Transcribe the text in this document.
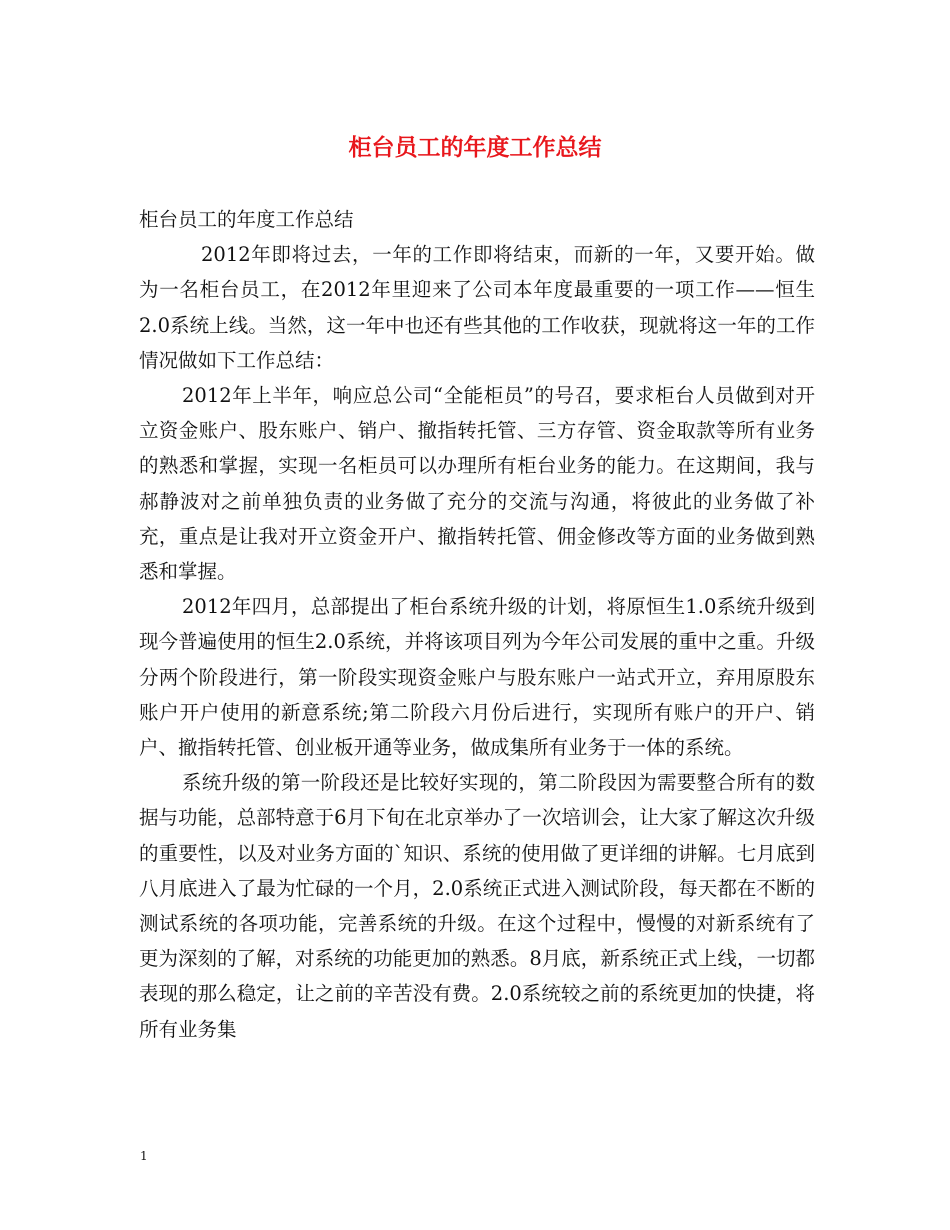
柜台员工的年度工作总结

柜台员工的年度工作总结

2012年即将过去，一年的工作即将结束，而新的一年，又要开始。做为一名柜台员工，在2012年里迎来了公司本年度最重要的一项工作——恒生2.0系统上线。当然，这一年中也还有些其他的工作收获，现就将这一年的工作情况做如下工作总结：

2012年上半年，响应总公司“全能柜员”的号召，要求柜台人员做到对开立资金账户、股东账户、销户、撤指转托管、三方存管、资金取款等所有业务的熟悉和掌握，实现一名柜员可以办理所有柜台业务的能力。在这期间，我与郝静波对之前单独负责的业务做了充分的交流与沟通，将彼此的业务做了补充，重点是让我对开立资金开户、撤指转托管、佣金修改等方面的业务做到熟悉和掌握。

2012年四月，总部提出了柜台系统升级的计划，将原恒生1.0系统升级到现今普遍使用的恒生2.0系统，并将该项目列为今年公司发展的重中之重。升级分两个阶段进行，第一阶段实现资金账户与股东账户一站式开立，弃用原股东账户开户使用的新意系统;第二阶段六月份后进行，实现所有账户的开户、销户、撤指转托管、创业板开通等业务，做成集所有业务于一体的系统。

系统升级的第一阶段还是比较好实现的，第二阶段因为需要整合所有的数据与功能，总部特意于6月下旬在北京举办了一次培训会，让大家了解这次升级的重要性，以及对业务方面的`知识、系统的使用做了更详细的讲解。七月底到八月底进入了最为忙碌的一个月，2.0系统正式进入测试阶段，每天都在不断的测试系统的各项功能，完善系统的升级。在这个过程中，慢慢的对新系统有了更为深刻的了解，对系统的功能更加的熟悉。8月底，新系统正式上线，一切都表现的那么稳定，让之前的辛苦没有费。2.0系统较之前的系统更加的快捷，将所有业务集

1
